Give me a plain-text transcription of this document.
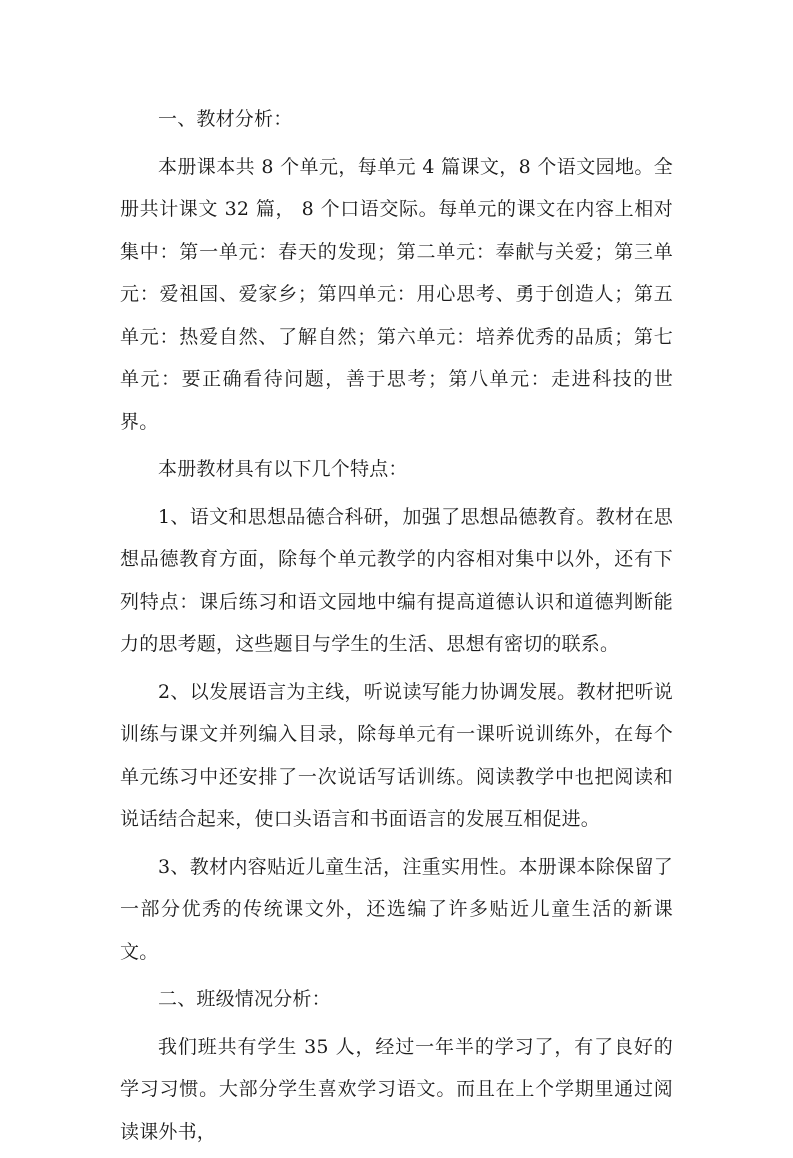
一、教材分析：

本册课本共 8 个单元，每单元 4 篇课文，8 个语文园地。全册共计课文 32 篇， 8 个口语交际。每单元的课文在内容上相对集中：第一单元：春天的发现；第二单元：奉献与关爱；第三单元：爱祖国、爱家乡；第四单元：用心思考、勇于创造人；第五单元：热爱自然、了解自然；第六单元：培养优秀的品质；第七单元：要正确看待问题，善于思考；第八单元：走进科技的世界。

本册教材具有以下几个特点：

1、语文和思想品德合科研，加强了思想品德教育。教材在思想品德教育方面，除每个单元教学的内容相对集中以外，还有下列特点：课后练习和语文园地中编有提高道德认识和道德判断能力的思考题，这些题目与学生的生活、思想有密切的联系。

2、以发展语言为主线，听说读写能力协调发展。教材把听说训练与课文并列编入目录，除每单元有一课听说训练外，在每个单元练习中还安排了一次说话写话训练。阅读教学中也把阅读和说话结合起来，使口头语言和书面语言的发展互相促进。

3、教材内容贴近儿童生活，注重实用性。本册课本除保留了一部分优秀的传统课文外，还选编了许多贴近儿童生活的新课文。

二、班级情况分析：

我们班共有学生 35 人，经过一年半的学习了，有了良好的学习习惯。大部分学生喜欢学习语文。而且在上个学期里通过阅读课外书，
